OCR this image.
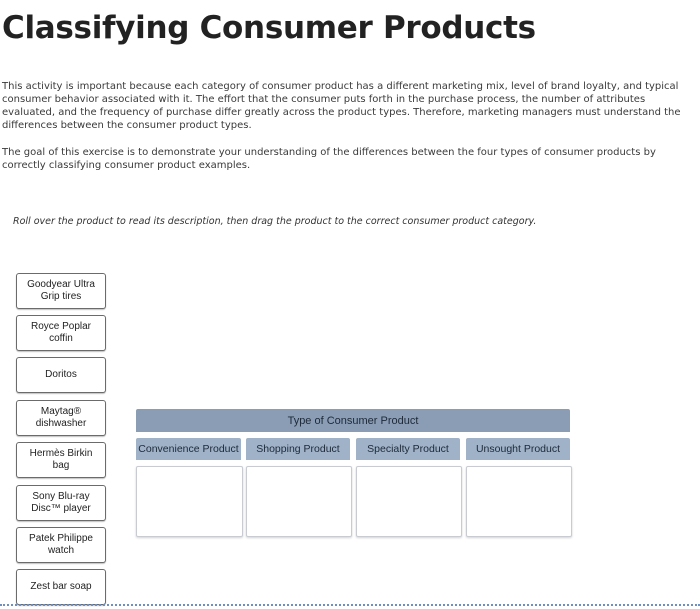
Classifying Consumer Products

This activity is important because each category of consumer product has a different marketing mix, level of brand loyalty, and typical consumer behavior associated with it. The effort that the consumer puts forth in the purchase process, the number of attributes evaluated, and the frequency of purchase differ greatly across the product types. Therefore, marketing managers must understand the differences between the consumer product types.

The goal of this exercise is to demonstrate your understanding of the differences between the four types of consumer products by correctly classifying consumer product examples.

Roll over the product to read its description, then drag the product to the correct consumer product category.

Goodyear Ultra Grip tires
Royce Poplar coffin
Doritos
Maytag® dishwasher
Hermès Birkin bag
Sony Blu-ray Disc™ player
Patek Philippe watch
Zest bar soap
Type of Consumer Product
Convenience Product	Shopping Product	Specialty Product	Unsought Product
